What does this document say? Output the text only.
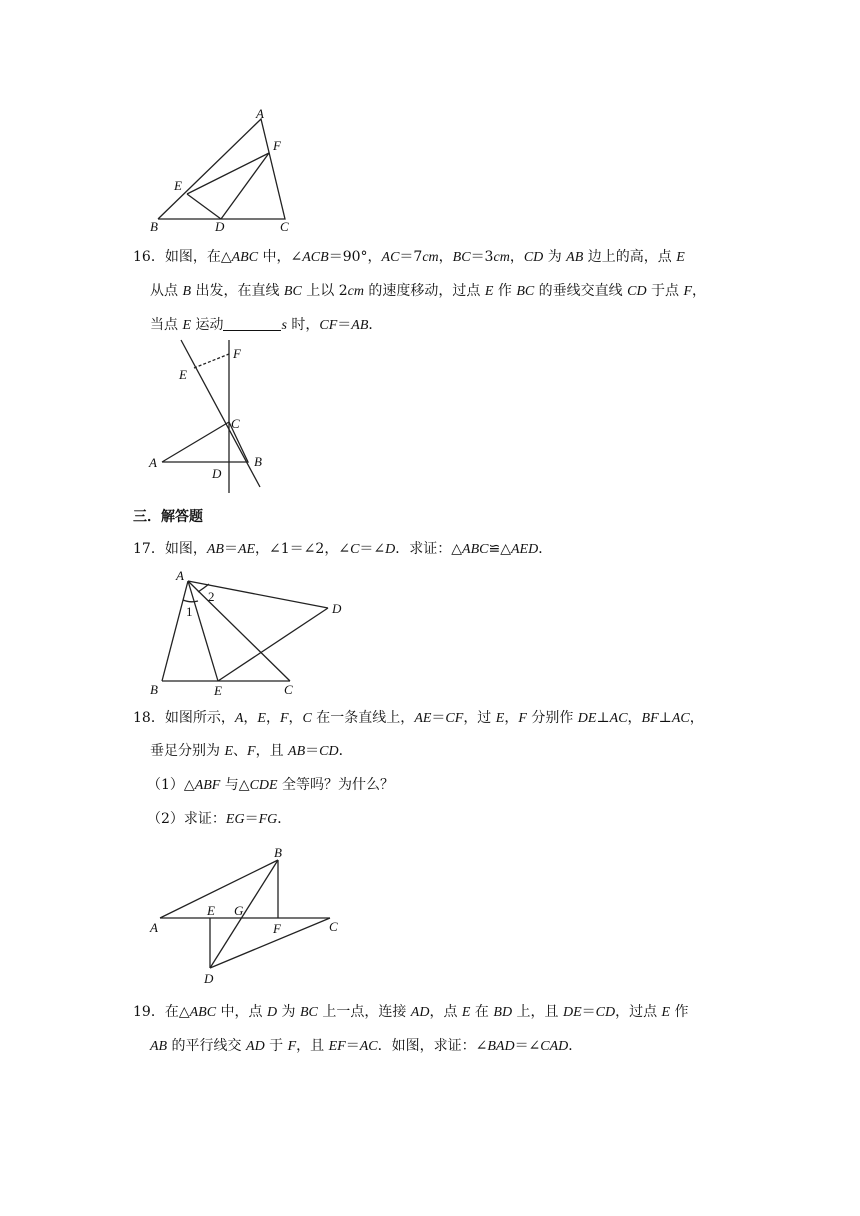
A
F
E
B	D	C
16．如图，在△ABC 中，∠ACB＝90°，AC＝7cm，BC＝3cm，CD 为 AB 边上的高，点 E
从点 B 出发，在直线 BC 上以 2cm 的速度移动，过点 E 作 BC 的垂线交直线 CD 于点 F，
当点 E 运动	s 时，CF＝AB．
F
E
C
A	B
D
三．解答题
17．如图，AB＝AE，∠1＝∠2，∠C＝∠D．求证：△ABC≌△AED．
A
2
1	D
B	E	C
18．如图所示，A，E，F，C 在一条直线上，AE＝CF，过 E，F 分别作 DE⊥AC，BF⊥AC，
垂足分别为 E、F，且 AB＝CD．
（1）△ABF 与△CDE 全等吗？为什么？
（2）求证：EG＝FG．
B
E G
A	F	C
D
19．在△ABC 中，点 D 为 BC 上一点，连接 AD，点 E 在 BD 上，且 DE＝CD，过点 E 作
AB 的平行线交 AD 于 F，且 EF＝AC．如图，求证：∠BAD＝∠CAD．
